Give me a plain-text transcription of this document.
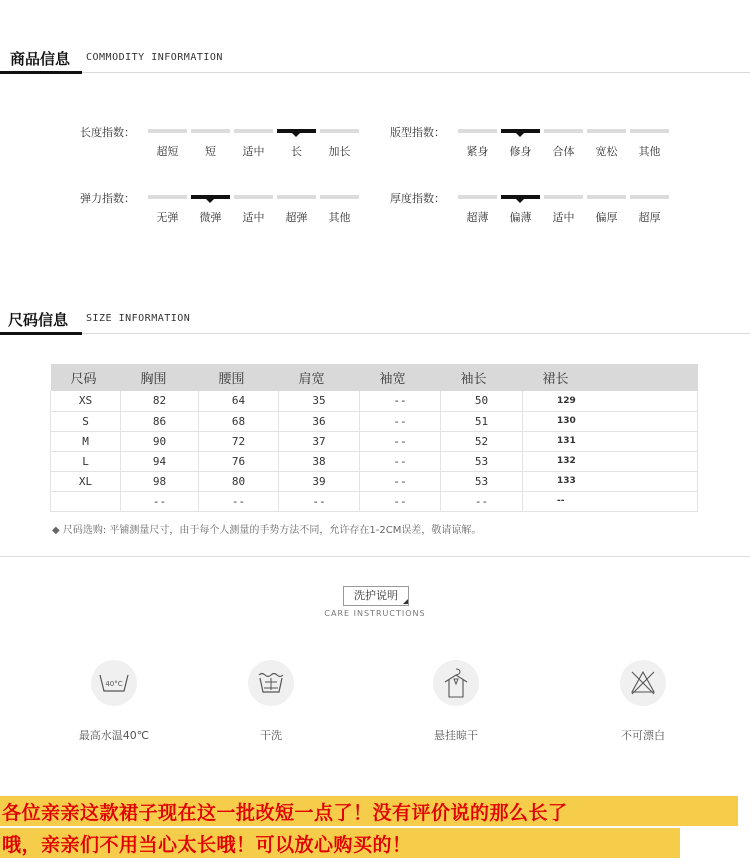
商品信息 COMMODITY INFORMATION
长度指数：
超短	短	适中	长	加长
版型指数：
紧身	修身	合体	宽松	其他
弹力指数：
无弹	微弹	适中	超弹	其他
厚度指数：
超薄	偏薄	适中	偏厚	超厚
尺码信息 SIZE INFORMATION
尺码	胸围	腰围	肩宽	袖宽	袖长	裙长
XS	82	64	35	--	50	129
S	86	68	36	--	51	130
M	90	72	37	--	52	131
L	94	76	38	--	53	132
XL	98	80	39	--	53	133
	--	--	--	--	--	--
◆ 尺码选购: 平铺测量尺寸，由于每个人测量的手势方法不同，允许存在1-2CM误差，敬请谅解。
洗护说明
CARE INSTRUCTIONS
40°C
最高水温40℃	干洗	悬挂晾干	不可漂白
各位亲亲这款裙子现在这一批改短一点了！没有评价说的那么长了
哦，亲亲们不用当心太长哦！可以放心购买的！
